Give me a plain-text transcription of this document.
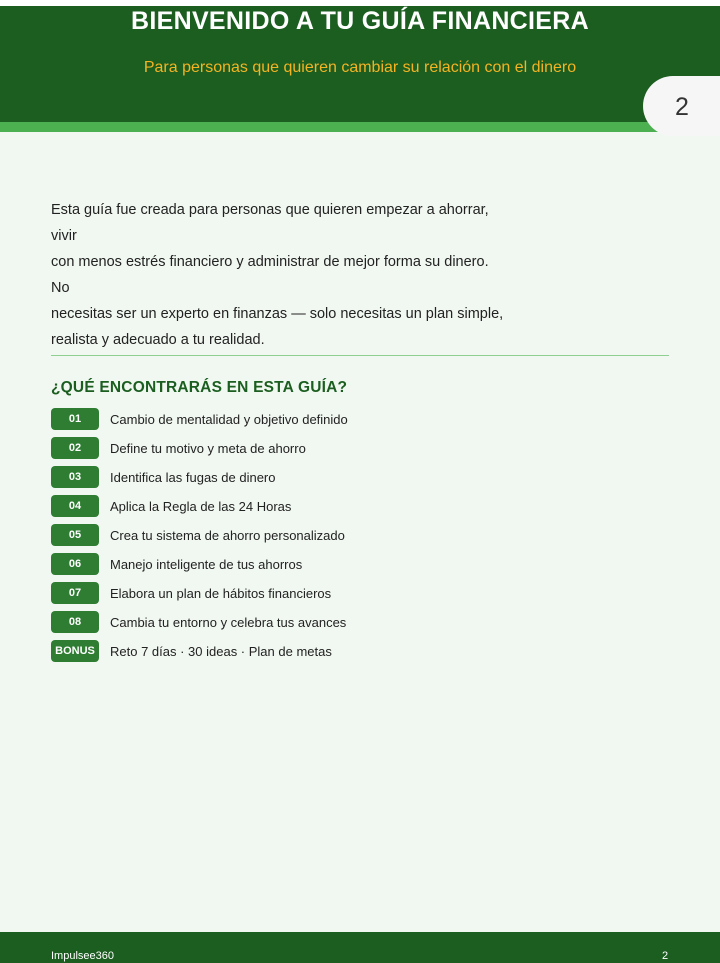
BIENVENIDO A TU GUÍA FINANCIERA
Para personas que quieren cambiar su relación con el dinero
2
Esta guía fue creada para personas que quieren empezar a ahorrar, vivir
con menos estrés financiero y administrar de mejor forma su dinero. No
necesitas ser un experto en finanzas — solo necesitas un plan simple,
realista y adecuado a tu realidad.
¿QUÉ ENCONTRARÁS EN ESTA GUÍA?
01	Cambio de mentalidad y objetivo definido
02	Define tu motivo y meta de ahorro
03	Identifica las fugas de dinero
04	Aplica la Regla de las 24 Horas
05	Crea tu sistema de ahorro personalizado
06	Manejo inteligente de tus ahorros
07	Elabora un plan de hábitos financieros
08	Cambia tu entorno y celebra tus avances
BONUS	Reto 7 días · 30 ideas · Plan de metas
Impulsee360	2
